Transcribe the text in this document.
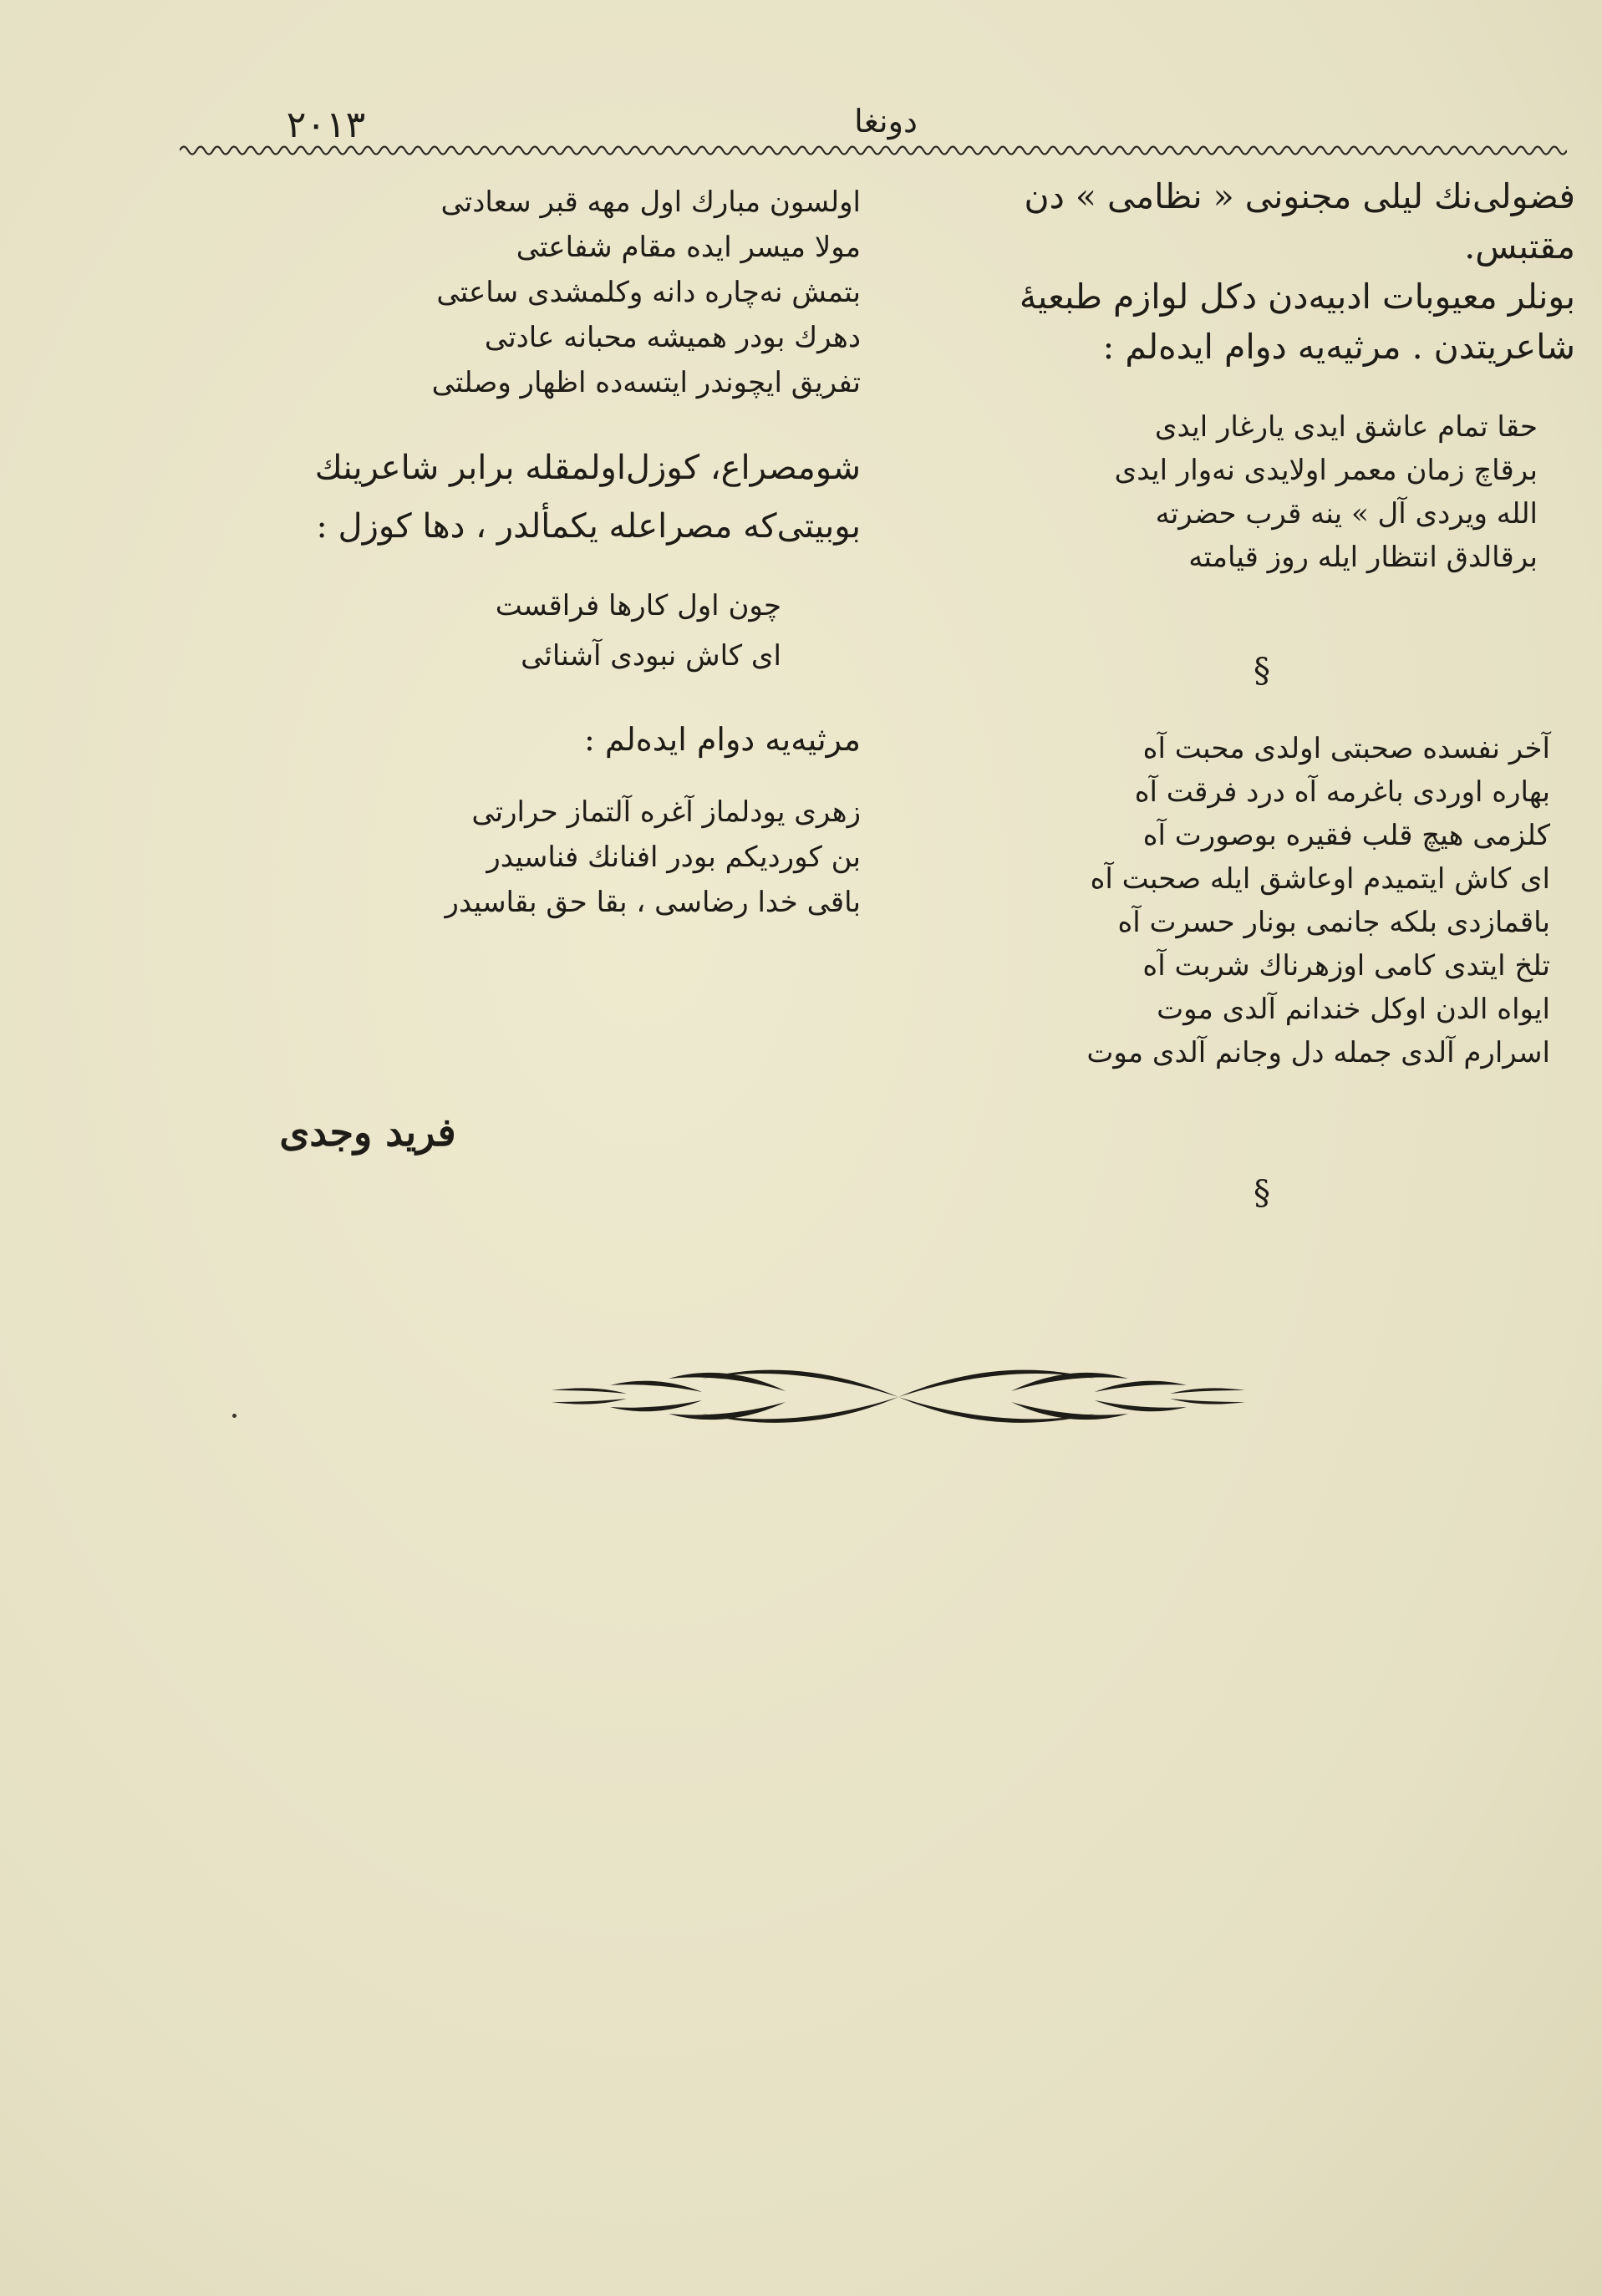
٢٠١٣	دونغا

فضولی‌نك لیلی مجنونی « نظامی » دن مقتبس.
بونلر معیوبات ادبیه‌دن دكل لوازم طبعیهٔ
شاعریتدن . مرثیه‌یه دوام ایده‌لم :

حقا تمام عاشق ایدی یارغار ایدی
برقاچ زمان معمر اولایدی نه‌وار ایدی
الله ویردی آل » ینه قرب حضرته
برقالدق انتظار ایله روز قیامته
§
آخر نفسده صحبتی اولدی محبت آه
بهاره اوردی باغرمه آه درد فرقت آه
كلزمی هیچ قلب فقیره بوصورت آه
ای كاش ایتمیدم اوعاشق ایله صحبت آه
باقمازدی بلكه جانمی بونار حسرت آه
تلخ ایتدی كامی اوزهرناك شربت آه
ایواه الدن اوكل خندانم آلدی موت
اسرارم آلدی جمله دل وجانم آلدی موت
§
اولسون مبارك اول مهه قبر سعادتی
مولا میسر ایده مقام شفاعتی
بتمش نه‌چاره دانه وكلمشدی ساعتی
دهرك بودر همیشه محبانه عادتی
تفریق ایچوندر ایتسه‌ده اظهار وصلتی

شومصراع، كوزل‌اولمقله برابر شاعرینك
بوبیتی‌كه مصراعله یكمألدر ، دها كوزل :

چون اول كارها فراقست
ای كاش نبودی آشنائی

مرثیه‌یه دوام ایده‌لم :

زهری یودلماز آغره آلتماز حرارتی
بن كوردیكم بودر افنانك فناسیدر
باقی خدا رضاسی ، بقا حق بقاسیدر
فرید وجدی
